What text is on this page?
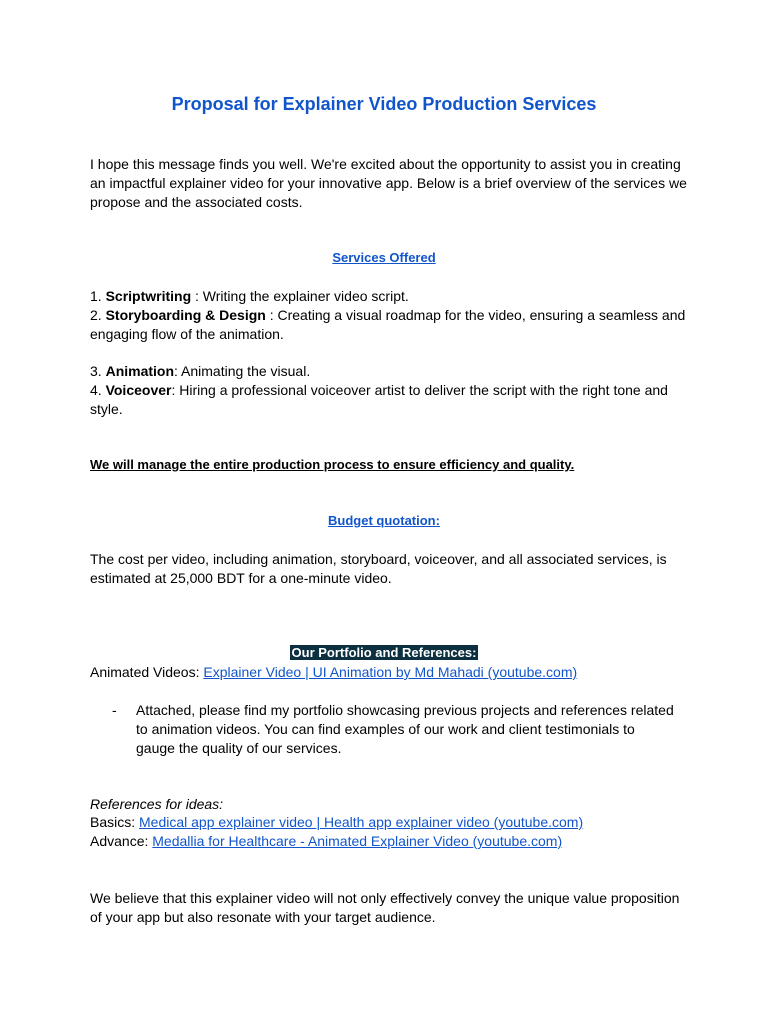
Proposal for Explainer Video Production Services

I hope this message finds you well. We're excited about the opportunity to assist you in creating an impactful explainer video for your innovative app. Below is a brief overview of the services we propose and the associated costs.

Services Offered

1. Scriptwriting : Writing the explainer video script.

2. Storyboarding & Design : Creating a visual roadmap for the video, ensuring a seamless and engaging flow of the animation.

3. Animation: Animating the visual.

4. Voiceover: Hiring a professional voiceover artist to deliver the script with the right tone and style.

We will manage the entire production process to ensure efficiency and quality.

Budget quotation:

The cost per video, including animation, storyboard, voiceover, and all associated services, is estimated at 25,000 BDT for a one-minute video.

Our Portfolio and References:

Animated Videos: Explainer Video | UI Animation by Md Mahadi (youtube.com)

- Attached, please find my portfolio showcasing previous projects and references related to animation videos. You can find examples of our work and client testimonials to gauge the quality of our services.

References for ideas:

Basics: Medical app explainer video | Health app explainer video (youtube.com)

Advance: Medallia for Healthcare - Animated Explainer Video (youtube.com)

We believe that this explainer video will not only effectively convey the unique value proposition of your app but also resonate with your target audience.
